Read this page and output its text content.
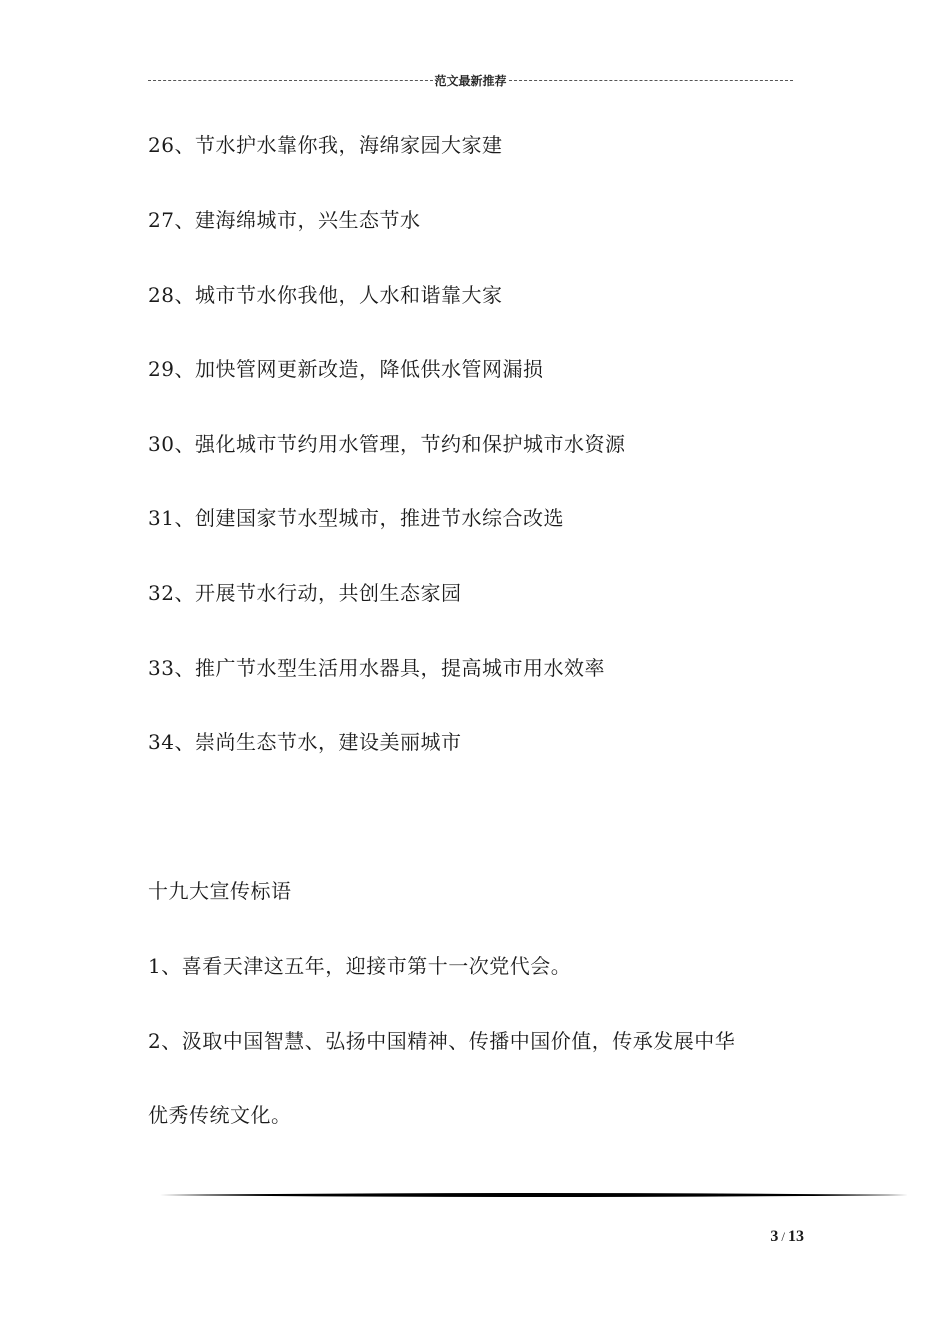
范文最新推荐
26、节水护水靠你我，海绵家园大家建
27、建海绵城市，兴生态节水
28、城市节水你我他，人水和谐靠大家
29、加快管网更新改造，降低供水管网漏损
30、强化城市节约用水管理，节约和保护城市水资源
31、创建国家节水型城市，推进节水综合改选
32、开展节水行动，共创生态家园
33、推广节水型生活用水器具，提高城市用水效率
34、崇尚生态节水，建设美丽城市
十九大宣传标语
1、喜看天津这五年，迎接市第十一次党代会。
2、汲取中国智慧、弘扬中国精神、传播中国价值，传承发展中华
优秀传统文化。
3 / 13
